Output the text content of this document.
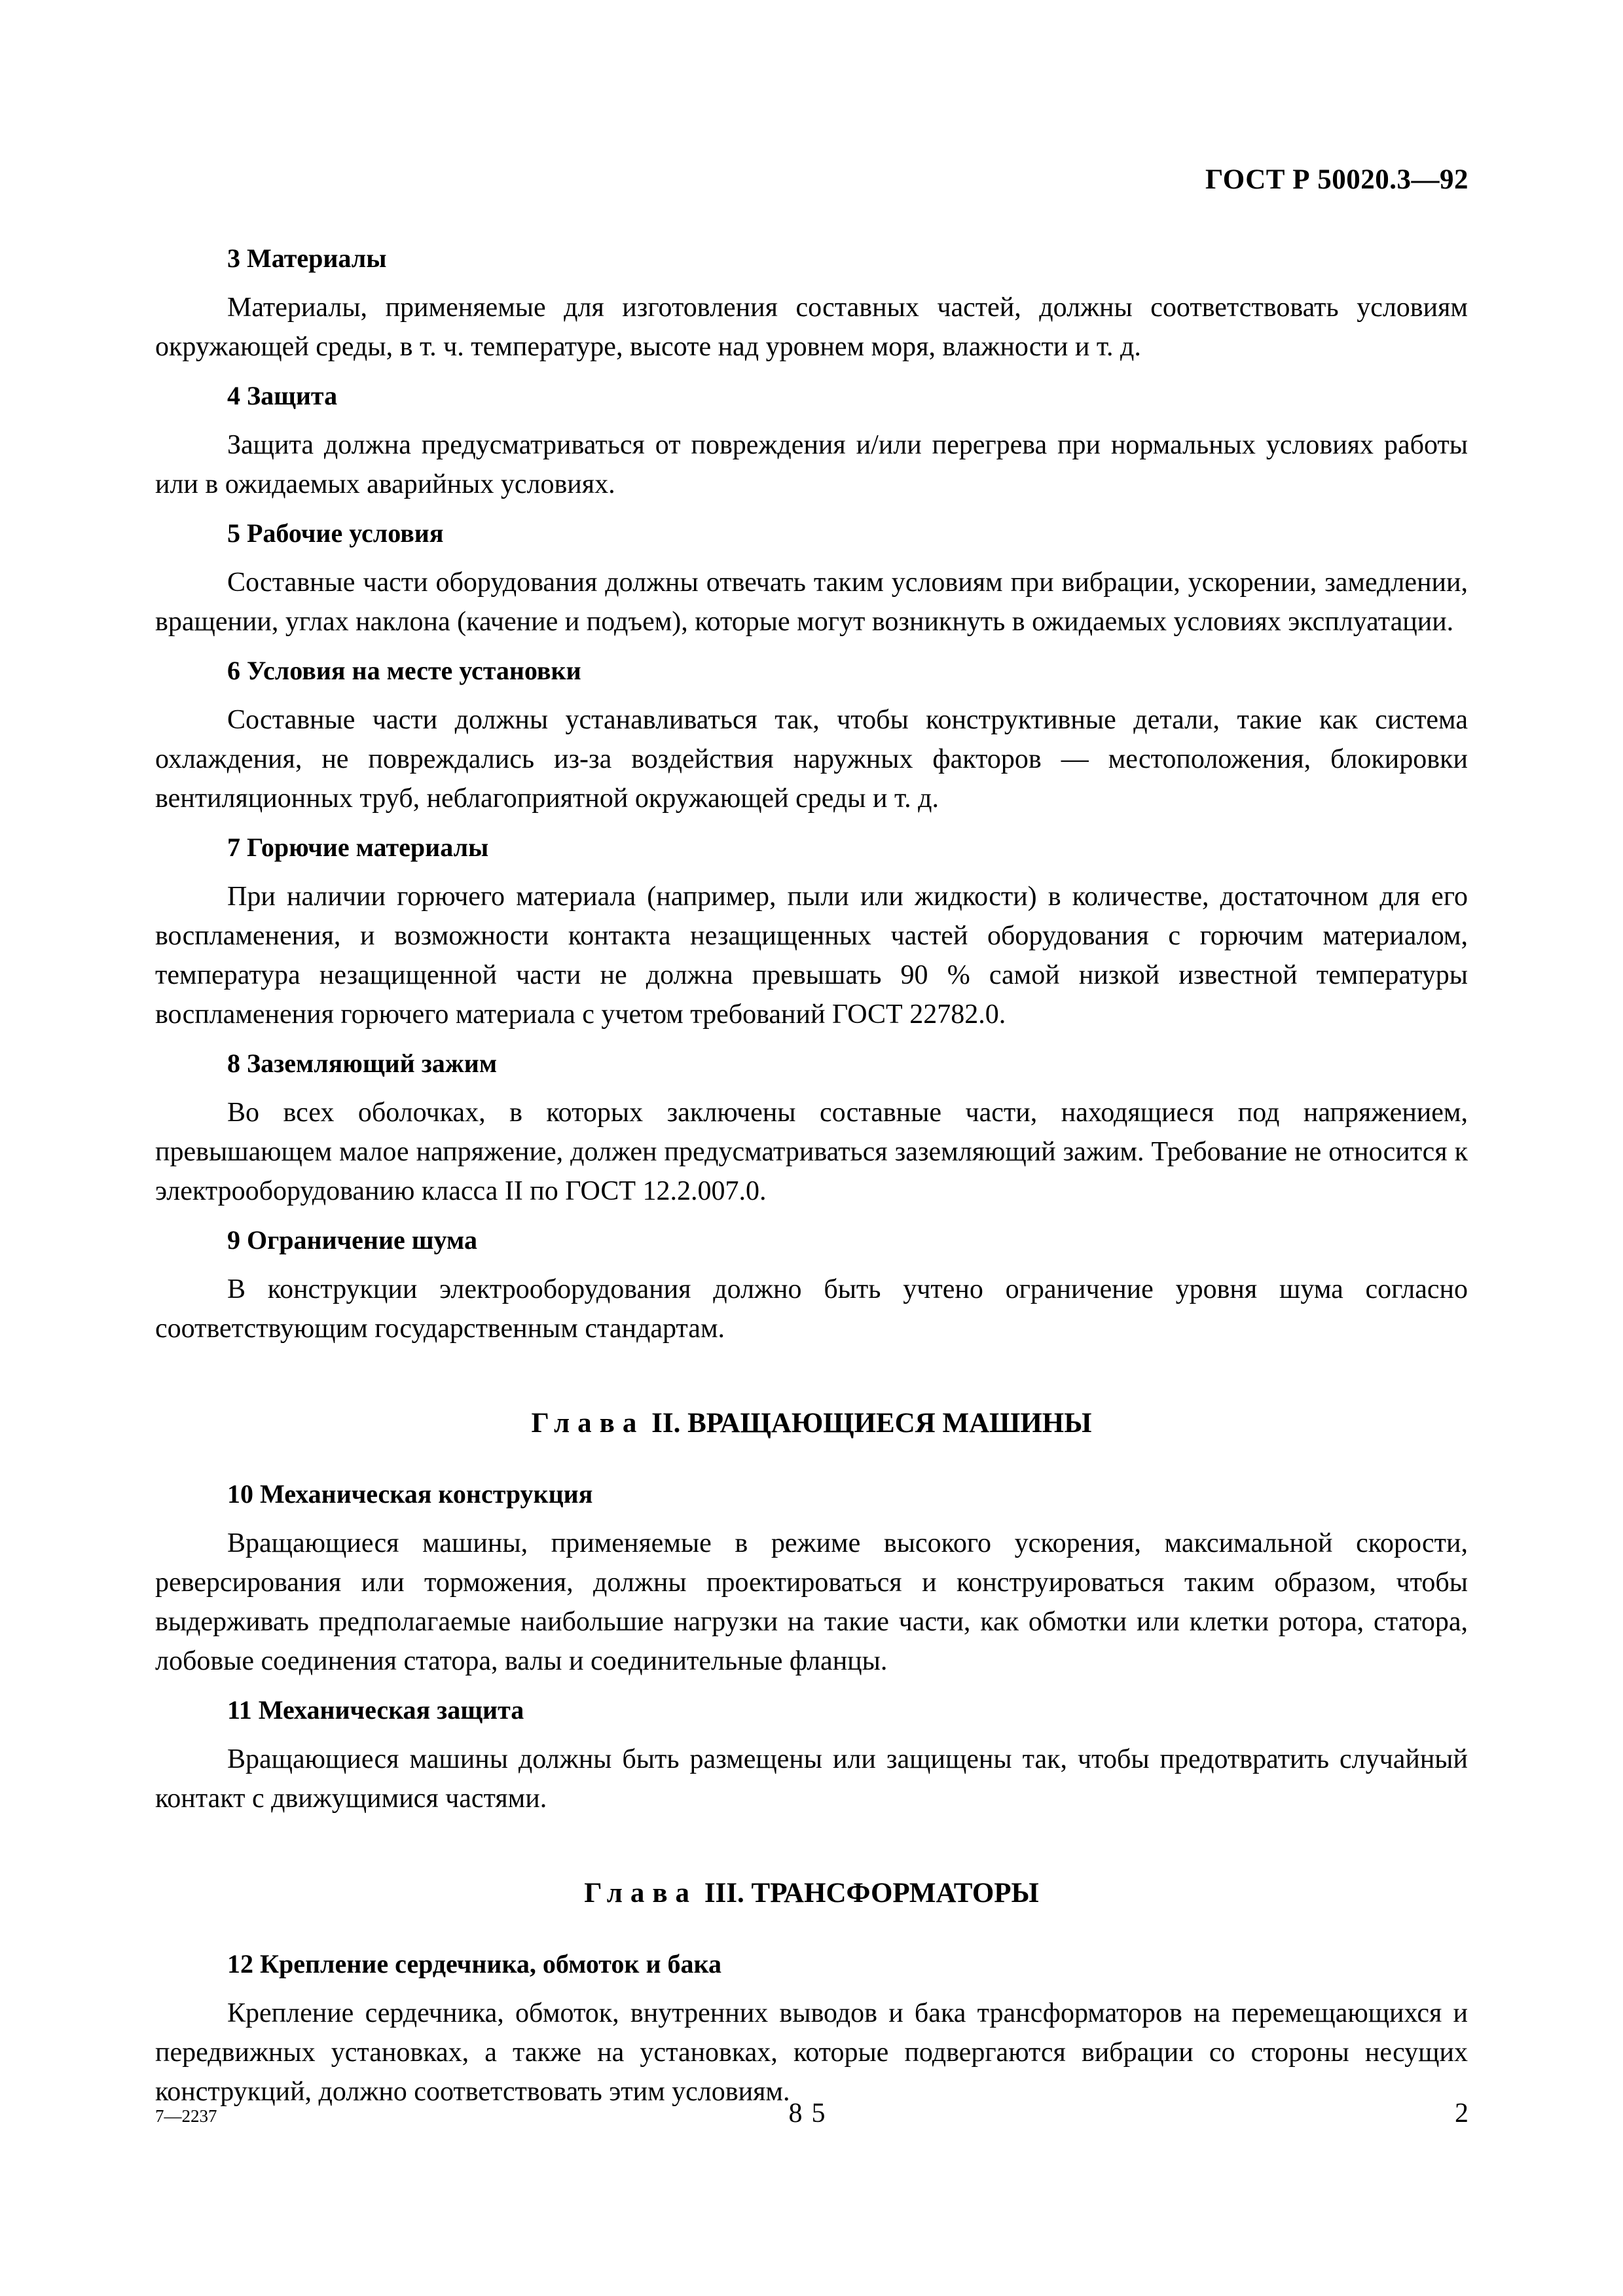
ГОСТ Р 50020.3—92
3 Материалы

Материалы, применяемые для изготовления составных частей, должны соответствовать условиям окружающей среды, в т. ч. температуре, высоте над уровнем моря, влажности и т. д.

4 Защита

Защита должна предусматриваться от повреждения и/или перегрева при нормальных условиях работы или в ожидаемых аварийных условиях.

5 Рабочие условия

Составные части оборудования должны отвечать таким условиям при вибрации, ускорении, замедлении, вращении, углах наклона (качение и подъем), которые могут возникнуть в ожидаемых условиях эксплуатации.

6 Условия на месте установки

Составные части должны устанавливаться так, чтобы конструктивные детали, такие как система охлаждения, не повреждались из-за воздействия наружных факторов — местоположения, блокировки вентиляционных труб, неблагоприятной окружающей среды и т. д.

7 Горючие материалы

При наличии горючего материала (например, пыли или жидкости) в количестве, достаточном для его воспламенения, и возможности контакта незащищенных частей оборудования с горючим материалом, температура незащищенной части не должна превышать 90 % самой низкой известной температуры воспламенения горючего материала с учетом требований ГОСТ 22782.0.

8 Заземляющий зажим

Во всех оболочках, в которых заключены составные части, находящиеся под напряжением, превышающем малое напряжение, должен предусматриваться заземляющий зажим. Требование не относится к электрооборудованию класса II по ГОСТ 12.2.007.0.

9 Ограничение шума

В конструкции электрооборудования должно быть учтено ограничение уровня шума согласно соответствующим государственным стандартам.

Глава II. ВРАЩАЮЩИЕСЯ МАШИНЫ
10 Механическая конструкция

Вращающиеся машины, применяемые в режиме высокого ускорения, максимальной скорости, реверсирования или торможения, должны проектироваться и конструироваться таким образом, чтобы выдерживать предполагаемые наибольшие нагрузки на такие части, как обмотки или клетки ротора, статора, лобовые соединения статора, валы и соединительные фланцы.

11 Механическая защита

Вращающиеся машины должны быть размещены или защищены так, чтобы предотвратить случайный контакт с движущимися частями.

Глава III. ТРАНСФОРМАТОРЫ
12 Крепление сердечника, обмоток и бака

Крепление сердечника, обмоток, внутренних выводов и бака трансформаторов на перемещающихся и передвижных установках, а также на установках, которые подвергаются вибрации со стороны несущих конструкций, должно соответствовать этим условиям.

7—2237	85	2
